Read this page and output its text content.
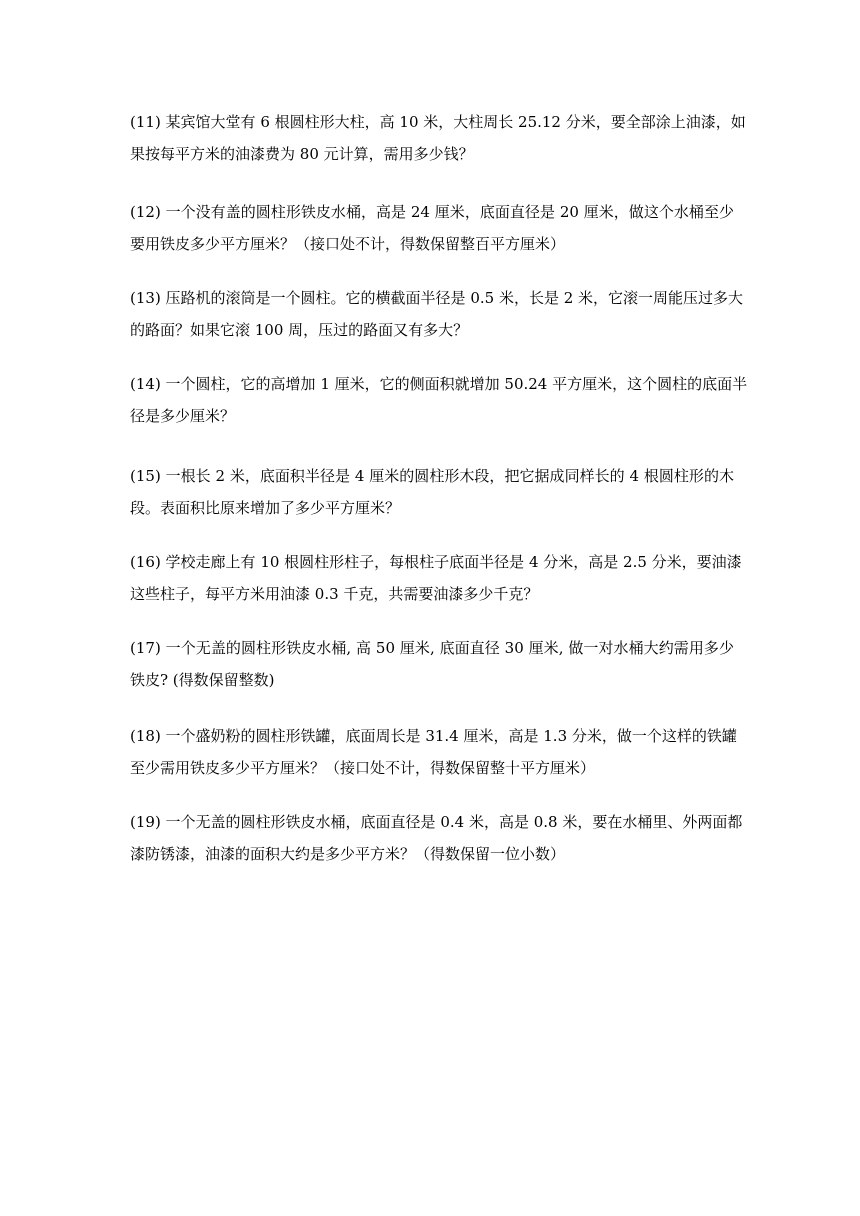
(11) 某宾馆大堂有 6 根圆柱形大柱，高 10 米，大柱周长 25.12 分米，要全部涂上油漆，如
果按每平方米的油漆费为 80 元计算，需用多少钱？
(12) 一个没有盖的圆柱形铁皮水桶，高是 24 厘米，底面直径是 20 厘米，做这个水桶至少
要用铁皮多少平方厘米？（接口处不计，得数保留整百平方厘米）
(13) 压路机的滚筒是一个圆柱。它的横截面半径是 0.5 米，长是 2 米，它滚一周能压过多大
的路面？如果它滚 100 周，压过的路面又有多大？
(14) 一个圆柱，它的高增加 1 厘米，它的侧面积就增加 50.24 平方厘米，这个圆柱的底面半
径是多少厘米？
(15) 一根长 2 米，底面积半径是 4 厘米的圆柱形木段，把它据成同样长的 4 根圆柱形的木
段。表面积比原来增加了多少平方厘米？
(16) 学校走廊上有 10 根圆柱形柱子，每根柱子底面半径是 4 分米，高是 2.5 分米，要油漆
这些柱子，每平方米用油漆 0.3 千克，共需要油漆多少千克？
(17) 一个无盖的圆柱形铁皮水桶, 高 50 厘米, 底面直径 30 厘米, 做一对水桶大约需用多少
铁皮? (得数保留整数)
(18) 一个盛奶粉的圆柱形铁罐，底面周长是 31.4 厘米，高是 1.3 分米，做一个这样的铁罐
至少需用铁皮多少平方厘米？（接口处不计，得数保留整十平方厘米）
(19) 一个无盖的圆柱形铁皮水桶，底面直径是 0.4 米，高是 0.8 米，要在水桶里、外两面都
漆防锈漆，油漆的面积大约是多少平方米？（得数保留一位小数）
